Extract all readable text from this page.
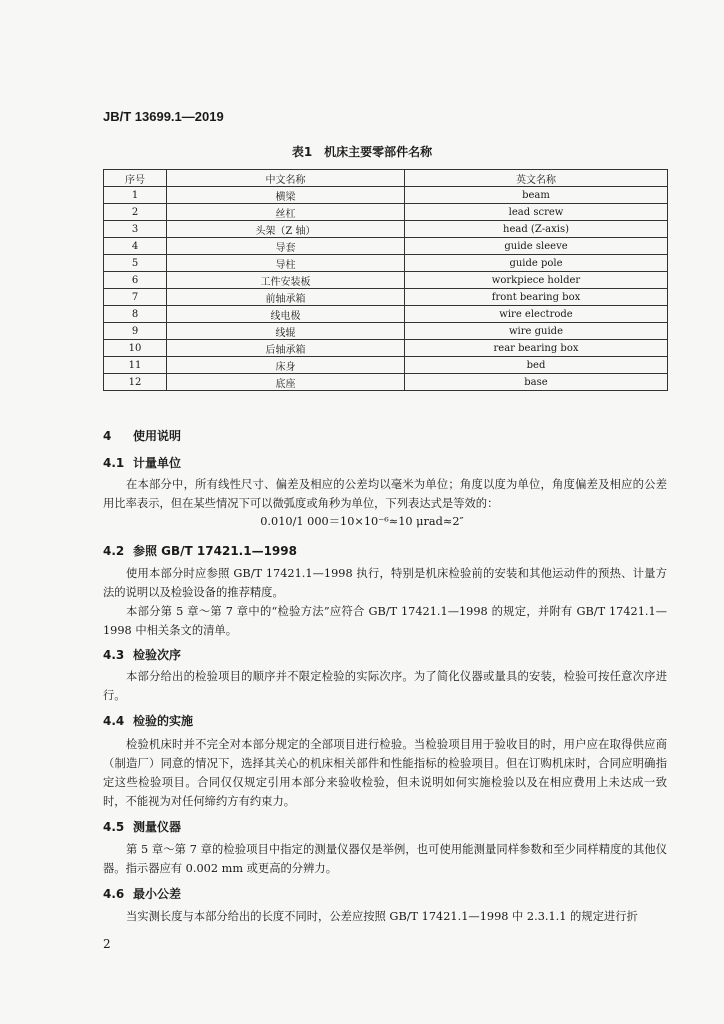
JB/T 13699.1—2019
表1　机床主要零部件名称
序号	中文名称	英文名称
1	横梁	beam
2	丝杠	lead screw
3	头架（Z 轴）	head (Z-axis)
4	导套	guide sleeve
5	导柱	guide pole
6	工件安装板	workpiece holder
7	前轴承箱	front bearing box
8	线电极	wire electrode
9	线辊	wire guide
10	后轴承箱	rear bearing box
11	床身	bed
12	底座	base
4 使用说明
4.1 计量单位
在本部分中，所有线性尺寸、偏差及相应的公差均以毫米为单位；角度以度为单位，角度偏差及相应的公差用比率表示，但在某些情况下可以微弧度或角秒为单位，下列表达式是等效的：
0.010/1 000＝10×10⁻⁶≈10 μrad≈2″
4.2 参照 GB/T 17421.1—1998
使用本部分时应参照 GB/T 17421.1—1998 执行，特别是机床检验前的安装和其他运动件的预热、计量方法的说明以及检验设备的推荐精度。
本部分第 5 章～第 7 章中的“检验方法”应符合 GB/T 17421.1—1998 的规定，并附有 GB/T 17421.1—1998 中相关条文的清单。
4.3 检验次序
本部分给出的检验项目的顺序并不限定检验的实际次序。为了简化仪器或量具的安装，检验可按任意次序进行。
4.4 检验的实施
检验机床时并不完全对本部分规定的全部项目进行检验。当检验项目用于验收目的时，用户应在取得供应商（制造厂）同意的情况下，选择其关心的机床相关部件和性能指标的检验项目。但在订购机床时，合同应明确指定这些检验项目。合同仅仅规定引用本部分来验收检验，但未说明如何实施检验以及在相应费用上未达成一致时，不能视为对任何缔约方有约束力。
4.5 测量仪器
第 5 章～第 7 章的检验项目中指定的测量仪器仅是举例，也可使用能测量同样参数和至少同样精度的其他仪器。指示器应有 0.002 mm 或更高的分辨力。
4.6 最小公差
当实测长度与本部分给出的长度不同时，公差应按照 GB/T 17421.1—1998 中 2.3.1.1 的规定进行折
2
